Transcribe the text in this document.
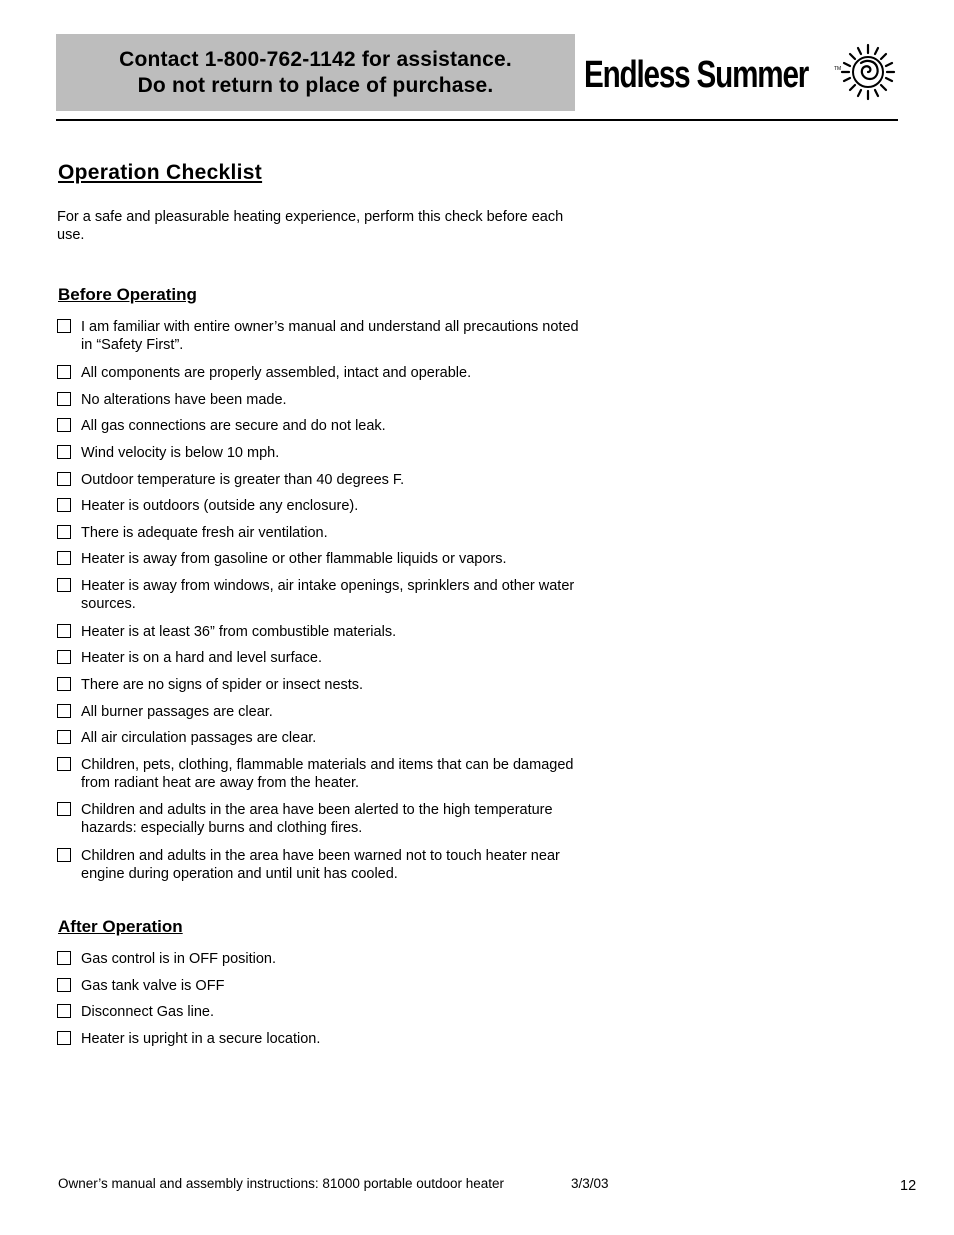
Contact 1-800-762-1142 for assistance.
Do not return to place of purchase. Endless Summer	TM
Operation Checklist

For a safe and pleasurable heating experience, perform this check before each use.

Before Operating
I am familiar with entire owner’s manual and understand all precautions noted in “Safety First”.
All components are properly assembled, intact and operable.
No alterations have been made.
All gas connections are secure and do not leak.
Wind velocity is below 10 mph.
Outdoor temperature is greater than 40 degrees F.
Heater is outdoors (outside any enclosure).
There is adequate fresh air ventilation.
Heater is away from gasoline or other flammable liquids or vapors.
Heater is away from windows, air intake openings, sprinklers and other water sources.
Heater is at least 36” from combustible materials.
Heater is on a hard and level surface.
There are no signs of spider or insect nests.
All burner passages are clear.
All air circulation passages are clear.
Children, pets, clothing, flammable materials and items that can be damaged from radiant heat are away from the heater.
Children and adults in the area have been alerted to the high temperature hazards: especially burns and clothing fires.
Children and adults in the area have been warned not to touch heater near engine during operation and until unit has cooled.
After Operation
Gas control is in OFF position.
Gas tank valve is OFF
Disconnect Gas line.
Heater is upright in a secure location.
Owner’s manual and assembly instructions: 81000 portable outdoor heater	3/3/03	12
